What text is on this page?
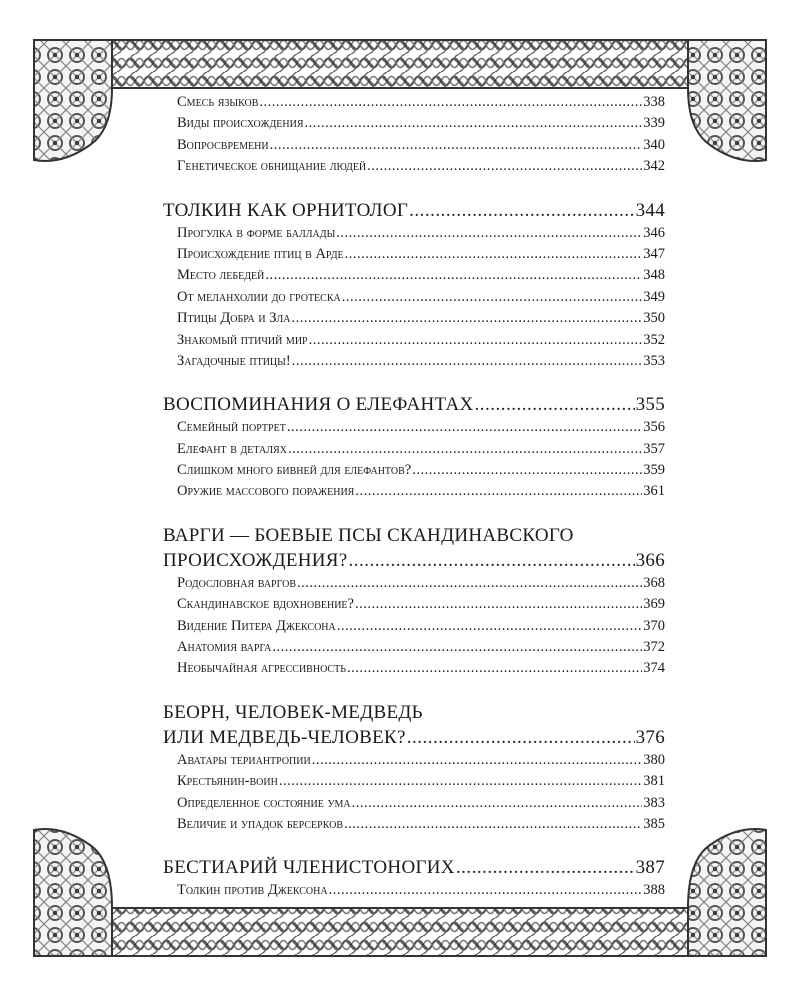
Смесь языков .....	338
Виды происхождения .....	339
Вопросвремени .....	340
Генетическое обнищание людей .....	342
ТОЛКИН КАК ОРНИТОЛОГ .....	344
Прогулка в форме баллады .....	346
Происхождение птиц в Арде .....	347
Место лебедей .....	348
От меланхолии до гротеска .....	349
Птицы Добра и Зла .....	350
Знакомый птичий мир .....	352
Загадочные птицы! .....	353
ВОСПОМИНАНИЯ О ЕЛЕФАНТАХ .....	355
Семейный портрет .....	356
Елефант в деталях .....	357
Слишком много бивней для елефантов? .....	359
Оружие массового поражения .....	361
ВАРГИ — БОЕВЫЕ ПСЫ СКАНДИНАВСКОГО
ПРОИСХОЖДЕНИЯ? .....	366
Родословная варгов .....	368
Скандинавское вдохновение? .....	369
Видение Питера Джексона .....	370
Анатомия варга .....	372
Необычайная агрессивность .....	374
БЕОРН, ЧЕЛОВЕК-МЕДВЕДЬ
ИЛИ МЕДВЕДЬ-ЧЕЛОВЕК? .....	376
Аватары териантропии .....	380
Крестьянин-воин .....	381
Определенное состояние ума .....	383
Величие и упадок берсерков .....	385
БЕСТИАРИЙ ЧЛЕНИСТОНОГИХ .....	387
Толкин против Джексона .....	388
